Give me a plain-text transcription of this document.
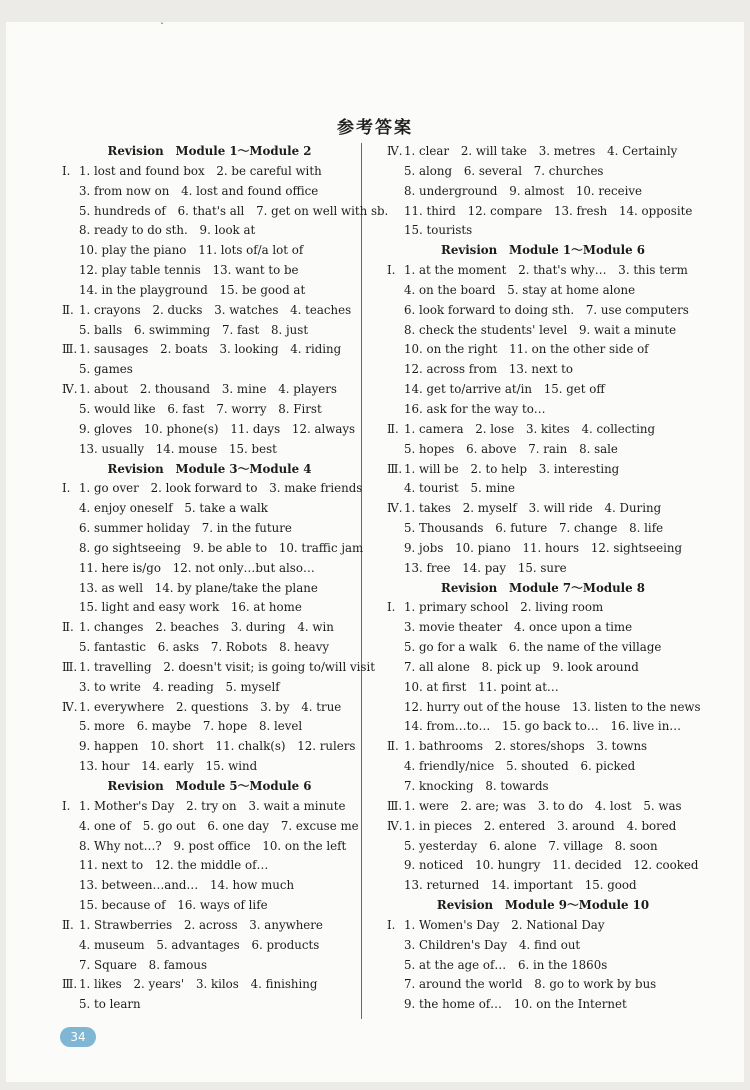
ˇ
参考答案
Revision　Module 1～Module 2
Ⅰ. 1. lost and found box　2. be careful with
3. from now on　4. lost and found office
5. hundreds of　6. that's all　7. get on well with sb.
8. ready to do sth.　9. look at
10. play the piano　11. lots of/a lot of
12. play table tennis　13. want to be
14. in the playground　15. be good at
Ⅱ. 1. crayons　2. ducks　3. watches　4. teaches
5. balls　6. swimming　7. fast　8. just
Ⅲ. 1. sausages　2. boats　3. looking　4. riding
5. games
Ⅳ.1. about　2. thousand　3. mine　4. players
5. would like　6. fast　7. worry　8. First
9. gloves　10. phone(s)　11. days　12. always
13. usually　14. mouse　15. best
Revision　Module 3～Module 4
Ⅰ. 1. go over　2. look forward to　3. make friends
4. enjoy oneself　5. take a walk
6. summer holiday　7. in the future
8. go sightseeing　9. be able to　10. traffic jam
11. here is/go　12. not only…but also…
13. as well　14. by plane/take the plane
15. light and easy work　16. at home
Ⅱ. 1. changes　2. beaches　3. during　4. win
5. fantastic　6. asks　7. Robots　8. heavy
Ⅲ. 1. travelling　2. doesn't visit; is going to/will visit
3. to write　4. reading　5. myself
Ⅳ.1. everywhere　2. questions　3. by　4. true
5. more　6. maybe　7. hope　8. level
9. happen　10. short　11. chalk(s)　12. rulers
13. hour　14. early　15. wind
Revision　Module 5～Module 6
Ⅰ. 1. Mother's Day　2. try on　3. wait a minute
4. one of　5. go out　6. one day　7. excuse me
8. Why not…?　9. post office　10. on the left
11. next to　12. the middle of…
13. between…and…　14. how much
15. because of　16. ways of life
Ⅱ. 1. Strawberries　2. across　3. anywhere
4. museum　5. advantages　6. products
7. Square　8. famous
Ⅲ. 1. likes　2. years'　3. kilos　4. finishing
5. to learn
Ⅳ.1. clear　2. will take　3. metres　4. Certainly
5. along　6. several　7. churches
8. underground　9. almost　10. receive
11. third　12. compare　13. fresh　14. opposite
15. tourists
Revision　Module 1～Module 6
Ⅰ. 1. at the moment　2. that's why…　3. this term
4. on the board　5. stay at home alone
6. look forward to doing sth.　7. use computers
8. check the students' level　9. wait a minute
10. on the right　11. on the other side of
12. across from　13. next to
14. get to/arrive at/in　15. get off
16. ask for the way to…
Ⅱ. 1. camera　2. lose　3. kites　4. collecting
5. hopes　6. above　7. rain　8. sale
Ⅲ. 1. will be　2. to help　3. interesting
4. tourist　5. mine
Ⅳ.1. takes　2. myself　3. will ride　4. During
5. Thousands　6. future　7. change　8. life
9. jobs　10. piano　11. hours　12. sightseeing
13. free　14. pay　15. sure
Revision　Module 7～Module 8
Ⅰ. 1. primary school　2. living room
3. movie theater　4. once upon a time
5. go for a walk　6. the name of the village
7. all alone　8. pick up　9. look around
10. at first　11. point at…
12. hurry out of the house　13. listen to the news
14. from…to…　15. go back to…　16. live in…
Ⅱ. 1. bathrooms　2. stores/shops　3. towns
4. friendly/nice　5. shouted　6. picked
7. knocking　8. towards
Ⅲ. 1. were　2. are; was　3. to do　4. lost　5. was
Ⅳ.1. in pieces　2. entered　3. around　4. bored
5. yesterday　6. alone　7. village　8. soon
9. noticed　10. hungry　11. decided　12. cooked
13. returned　14. important　15. good
Revision　Module 9～Module 10
Ⅰ. 1. Women's Day　2. National Day
3. Children's Day　4. find out
5. at the age of…　6. in the 1860s
7. around the world　8. go to work by bus
9. the home of…　10. on the Internet
34
